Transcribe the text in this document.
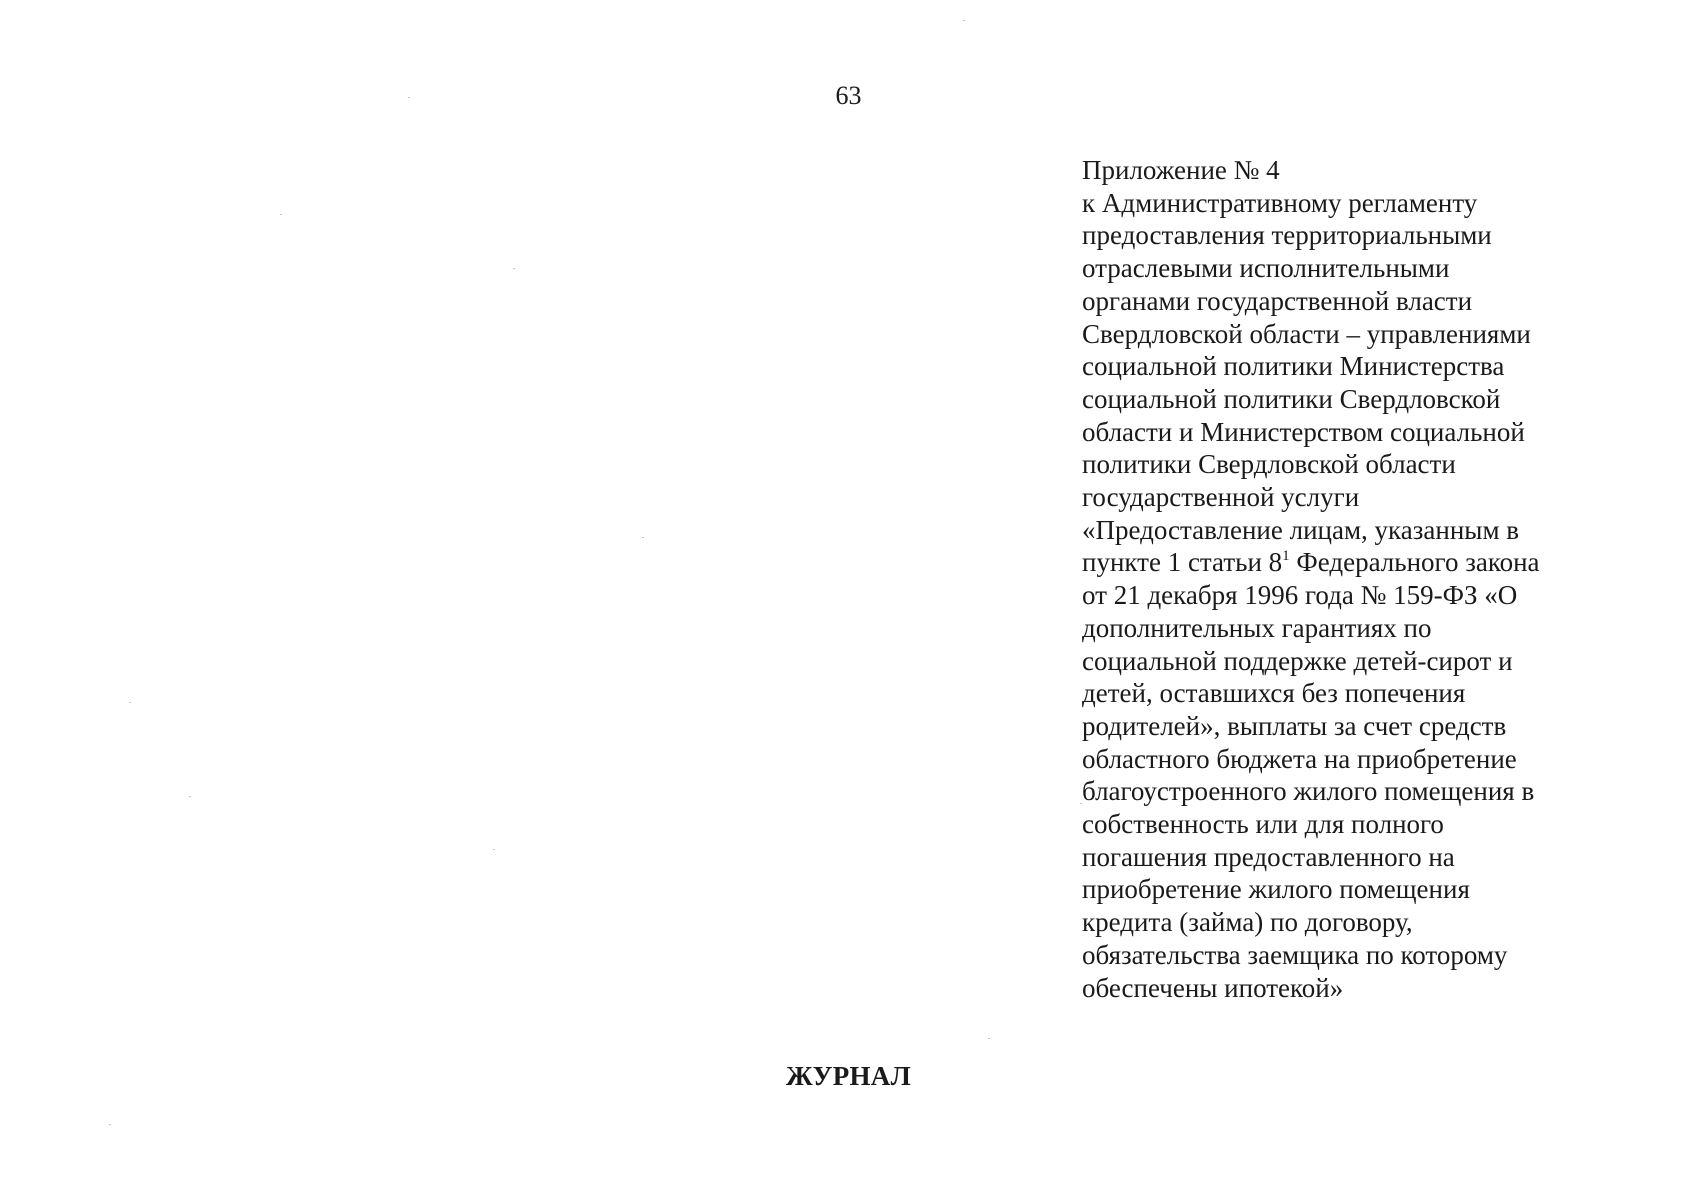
63
Приложение № 4
к Административному регламенту
предоставления территориальными
отраслевыми исполнительными
органами государственной власти
Свердловской области – управлениями
социальной политики Министерства
социальной политики Свердловской
области и Министерством социальной
политики Свердловской области
государственной услуги
«Предоставление лицам, указанным в
пункте 1 статьи $8^1$ Федерального закона
от 21 декабря 1996 года № 159-ФЗ «О
дополнительных гарантиях по
социальной поддержке детей-сирот и
детей, оставшихся без попечения
родителей», выплаты за счет средств
областного бюджета на приобретение
благоустроенного жилого помещения в
собственность или для полного
погашения предоставленного на
приобретение жилого помещения
кредита (займа) по договору,
обязательства заемщика по которому
обеспечены ипотекой»
ЖУРНАЛ
